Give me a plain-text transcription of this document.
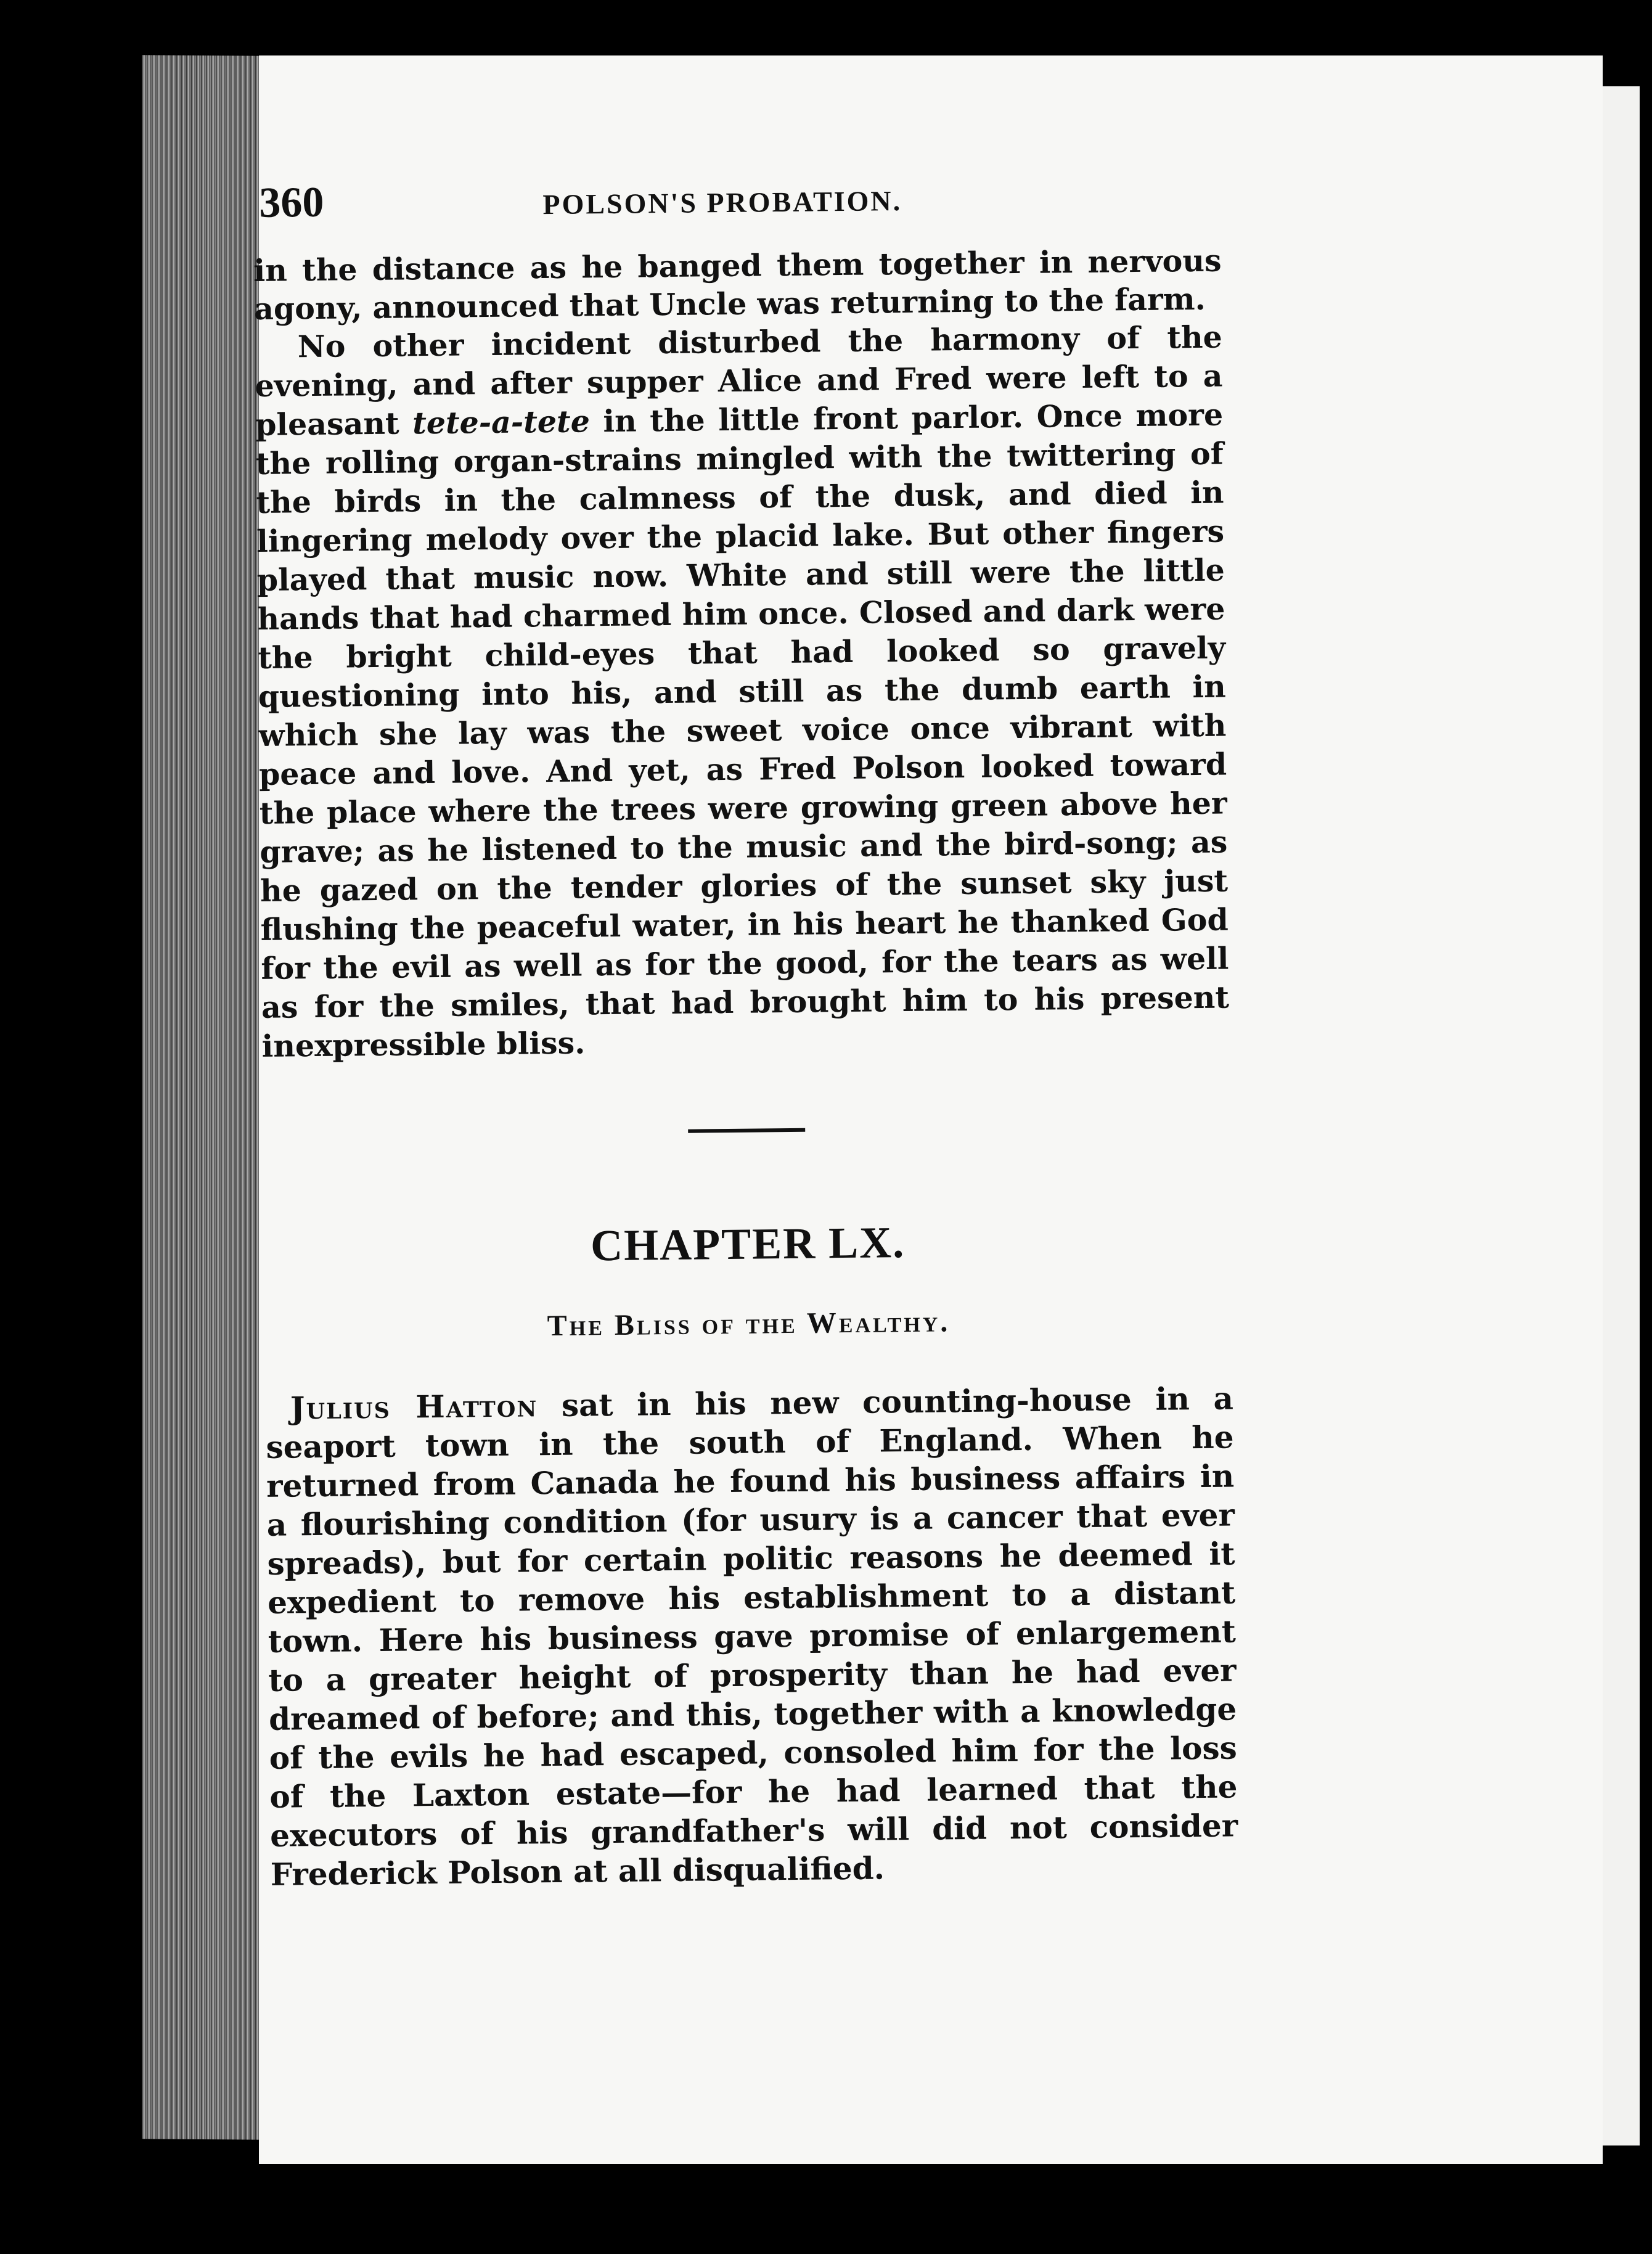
360	POLSON'S PROBATION.

in the distance as he banged them together in nervous agony, announced that Uncle was returning to the farm.

No other incident disturbed the harmony of the evening, and after supper Alice and Fred were left to a pleasant tete-a-tete in the little front parlor. Once more the rolling organ-strains mingled with the twittering of the birds in the calmness of the dusk, and died in lingering melody over the placid lake. But other fingers played that music now. White and still were the little hands that had charmed him once. Closed and dark were the bright child-eyes that had looked so gravely questioning into his, and still as the dumb earth in which she lay was the sweet voice once vibrant with peace and love. And yet, as Fred Polson looked toward the place where the trees were growing green above her grave; as he listened to the music and the bird-song; as he gazed on the tender glories of the sunset sky just flushing the peaceful water, in his heart he thanked God for the evil as well as for the good, for the tears as well as for the smiles, that had brought him to his present inexpressible bliss.

CHAPTER LX.
The Bliss of the Wealthy.

Julius Hatton sat in his new counting-house in a seaport town in the south of England. When he returned from Canada he found his business affairs in a flourishing condition (for usury is a cancer that ever spreads), but for certain politic reasons he deemed it expedient to remove his establishment to a distant town. Here his business gave promise of enlargement to a greater height of prosperity than he had ever dreamed of before; and this, together with a knowledge of the evils he had escaped, consoled him for the loss of the Laxton estate—for he had learned that the executors of his grandfather's will did not consider Frederick Polson at all disqualified.
